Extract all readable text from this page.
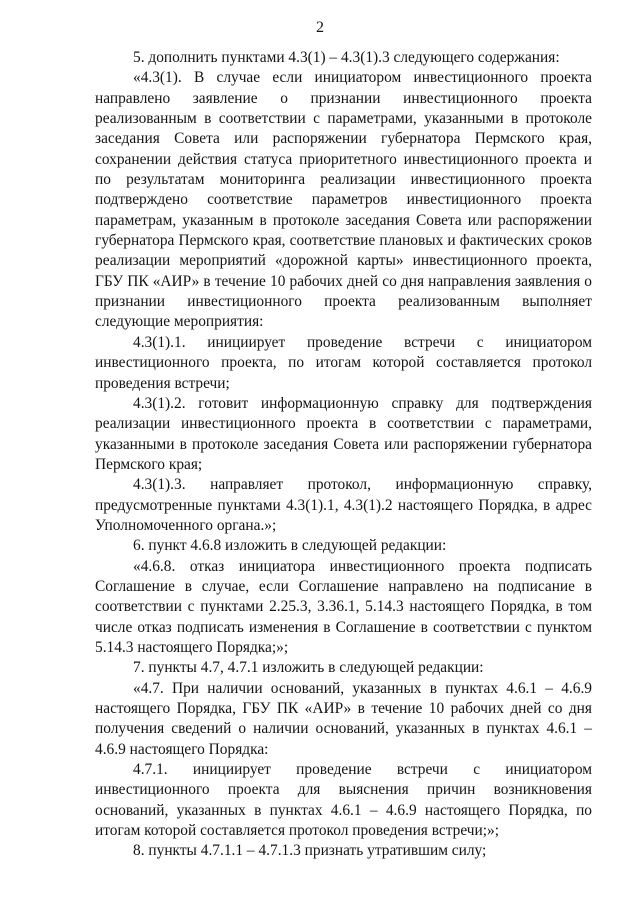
2

5. дополнить пунктами 4.3(1) – 4.3(1).3 следующего содержания:

«4.3(1). В случае если инициатором инвестиционного проекта направлено заявление о признании инвестиционного проекта реализованным в соответствии с параметрами, указанными в протоколе заседания Совета или распоряжении губернатора Пермского края, сохранении действия статуса приоритетного инвестиционного проекта и по результатам мониторинга реализации инвестиционного проекта подтверждено соответствие параметров инвестиционного проекта параметрам, указанным в протоколе заседания Совета или распоряжении губернатора Пермского края, соответствие плановых и фактических сроков реализации мероприятий «дорожной карты» инвестиционного проекта, ГБУ ПК «АИР» в течение 10 рабочих дней со дня направления заявления о признании инвестиционного проекта реализованным выполняет следующие мероприятия:

4.3(1).1. инициирует проведение встречи с инициатором инвестиционного проекта, по итогам которой составляется протокол проведения встречи;

4.3(1).2. готовит информационную справку для подтверждения реализации инвестиционного проекта в соответствии с параметрами, указанными в протоколе заседания Совета или распоряжении губернатора Пермского края;

4.3(1).3. направляет протокол, информационную справку, предусмотренные пунктами 4.3(1).1, 4.3(1).2 настоящего Порядка, в адрес Уполномоченного органа.»;

6. пункт 4.6.8 изложить в следующей редакции:

«4.6.8. отказ инициатора инвестиционного проекта подписать Соглашение в случае, если Соглашение направлено на подписание в соответствии с пунктами 2.25.3, 3.36.1, 5.14.3 настоящего Порядка, в том числе отказ подписать изменения в Соглашение в соответствии с пунктом 5.14.3 настоящего Порядка;»;

7. пункты 4.7, 4.7.1 изложить в следующей редакции:

«4.7. При наличии оснований, указанных в пунктах 4.6.1 – 4.6.9 настоящего Порядка, ГБУ ПК «АИР» в течение 10 рабочих дней со дня получения сведений о наличии оснований, указанных в пунктах 4.6.1 – 4.6.9 настоящего Порядка:

4.7.1. инициирует проведение встречи с инициатором инвестиционного проекта для выяснения причин возникновения оснований, указанных в пунктах 4.6.1 – 4.6.9 настоящего Порядка, по итогам которой составляется протокол проведения встречи;»;

8. пункты 4.7.1.1 – 4.7.1.3 признать утратившим силу;
